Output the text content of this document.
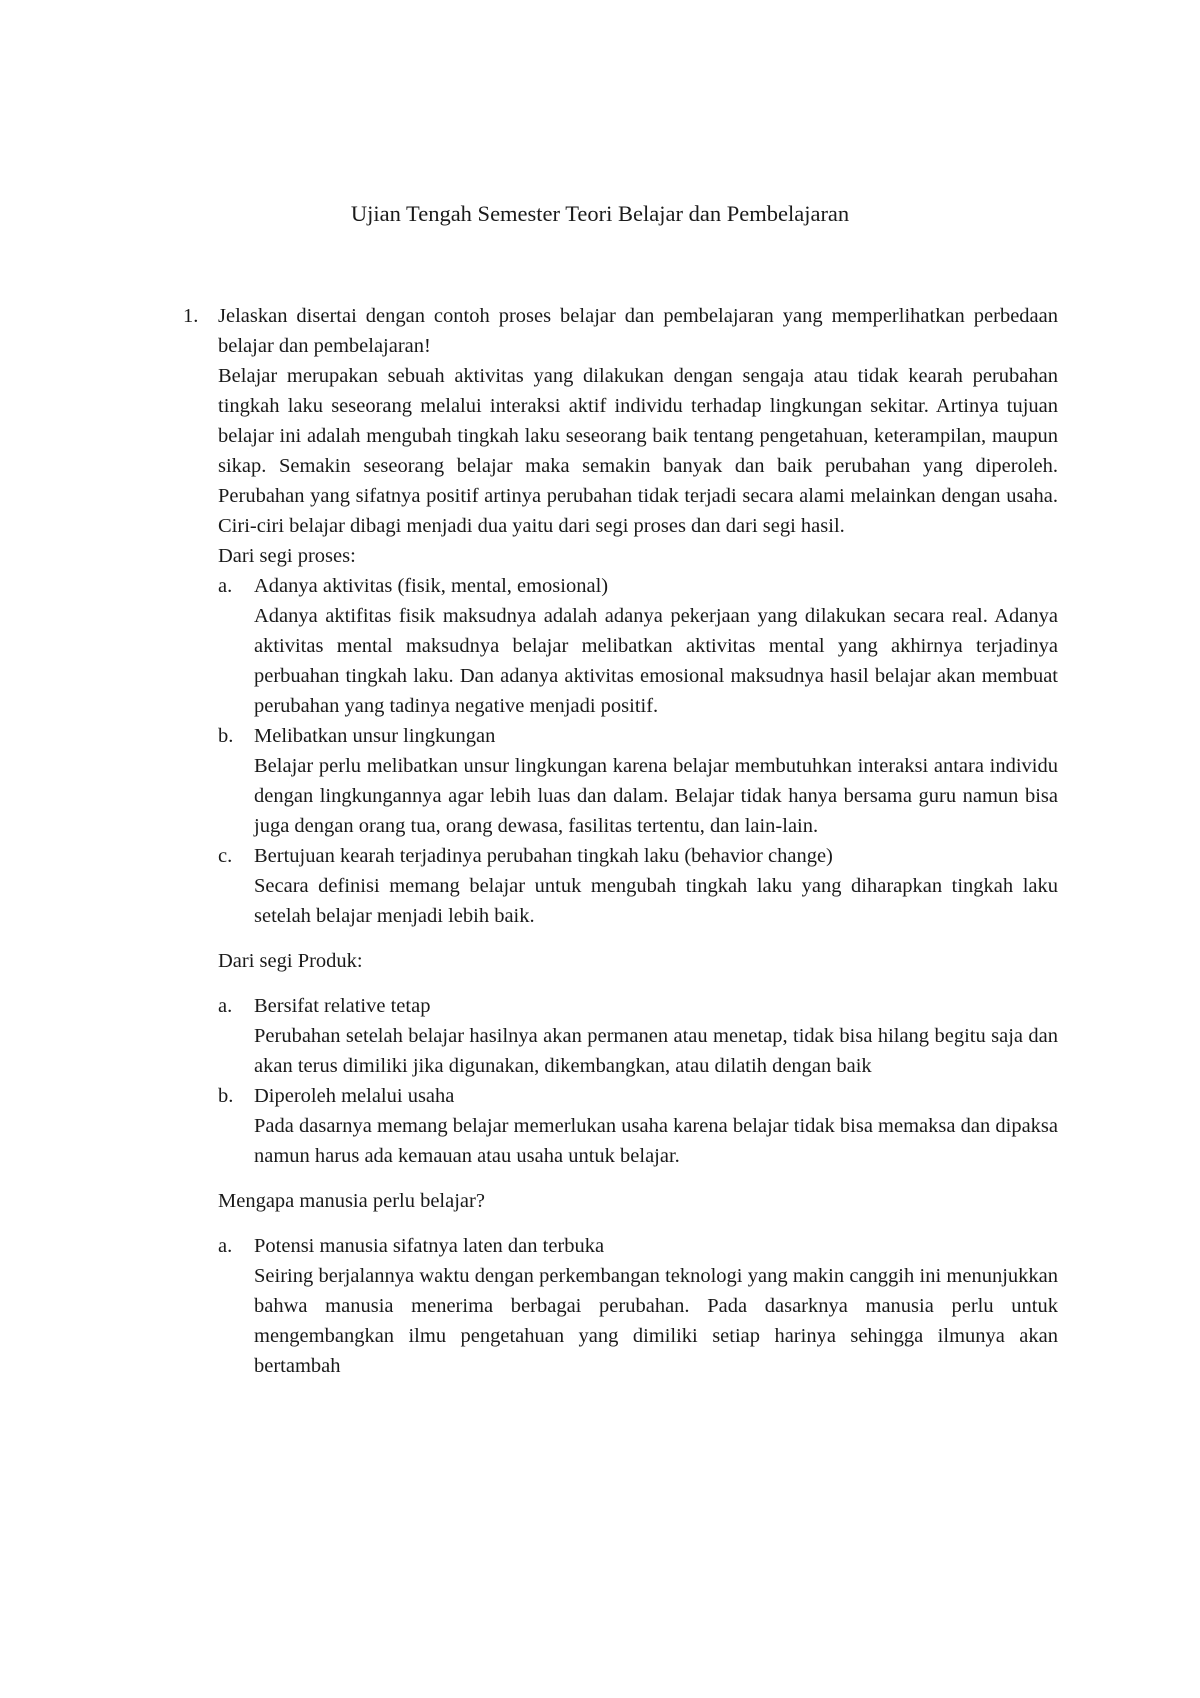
Ujian Tengah Semester Teori Belajar dan Pembelajaran
1. Jelaskan disertai dengan contoh proses belajar dan pembelajaran yang memperlihatkan perbedaan belajar dan pembelajaran!

Belajar merupakan sebuah aktivitas yang dilakukan dengan sengaja atau tidak kearah perubahan tingkah laku seseorang melalui interaksi aktif individu terhadap lingkungan sekitar. Artinya tujuan belajar ini adalah mengubah tingkah laku seseorang baik tentang pengetahuan, keterampilan, maupun sikap. Semakin seseorang belajar maka semakin banyak dan baik perubahan yang diperoleh. Perubahan yang sifatnya positif artinya perubahan tidak terjadi secara alami melainkan dengan usaha. Ciri-ciri belajar dibagi menjadi dua yaitu dari segi proses dan dari segi hasil.

Dari segi proses:

a. Adanya aktivitas (fisik, mental, emosional)
Adanya aktifitas fisik maksudnya adalah adanya pekerjaan yang dilakukan secara real. Adanya aktivitas mental maksudnya belajar melibatkan aktivitas mental yang akhirnya terjadinya perbuahan tingkah laku. Dan adanya aktivitas emosional maksudnya hasil belajar akan membuat perubahan yang tadinya negative menjadi positif.
b. Melibatkan unsur lingkungan
Belajar perlu melibatkan unsur lingkungan karena belajar membutuhkan interaksi antara individu dengan lingkungannya agar lebih luas dan dalam. Belajar tidak hanya bersama guru namun bisa juga dengan orang tua, orang dewasa, fasilitas tertentu, dan lain-lain.
c. Bertujuan kearah terjadinya perubahan tingkah laku (behavior change)
Secara definisi memang belajar untuk mengubah tingkah laku yang diharapkan tingkah laku setelah belajar menjadi lebih baik.

Dari segi Produk:

a. Bersifat relative tetap
Perubahan setelah belajar hasilnya akan permanen atau menetap, tidak bisa hilang begitu saja dan akan terus dimiliki jika digunakan, dikembangkan, atau dilatih dengan baik
b. Diperoleh melalui usaha
Pada dasarnya memang belajar memerlukan usaha karena belajar tidak bisa memaksa dan dipaksa namun harus ada kemauan atau usaha untuk belajar.

Mengapa manusia perlu belajar?

a. Potensi manusia sifatnya laten dan terbuka
Seiring berjalannya waktu dengan perkembangan teknologi yang makin canggih ini menunjukkan bahwa manusia menerima berbagai perubahan. Pada dasarknya manusia perlu untuk mengembangkan ilmu pengetahuan yang dimiliki setiap harinya sehingga ilmunya akan bertambah
